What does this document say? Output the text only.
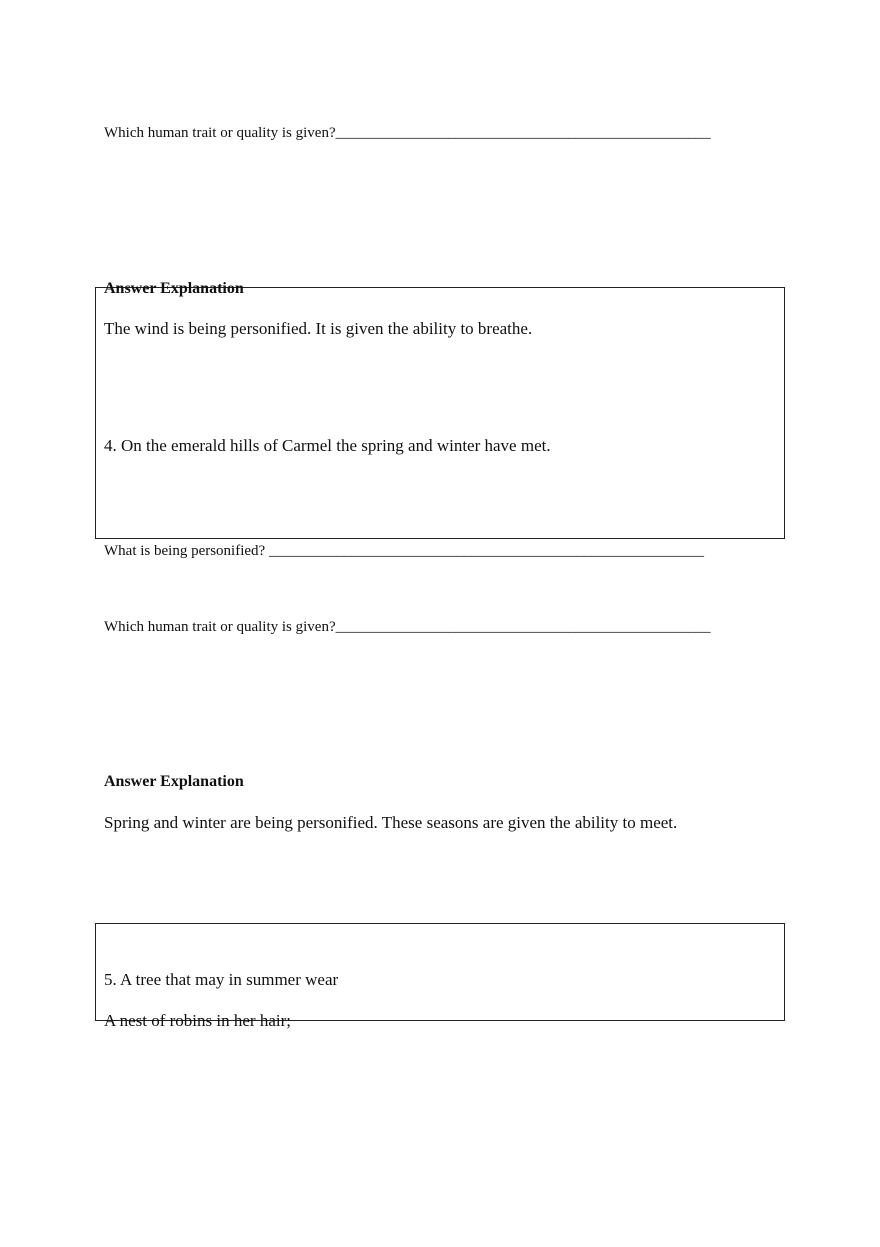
Which human trait or quality is given?__________________________________________________
Answer Explanation
The wind is being personified. It is given the ability to breathe.
4. On the emerald hills of Carmel the spring and winter have met.
What is being personified? __________________________________________________________
Which human trait or quality is given?__________________________________________________
Answer Explanation
Spring and winter are being personified. These seasons are given the ability to meet.
5. A tree that may in summer wear
A nest of robins in her hair;
